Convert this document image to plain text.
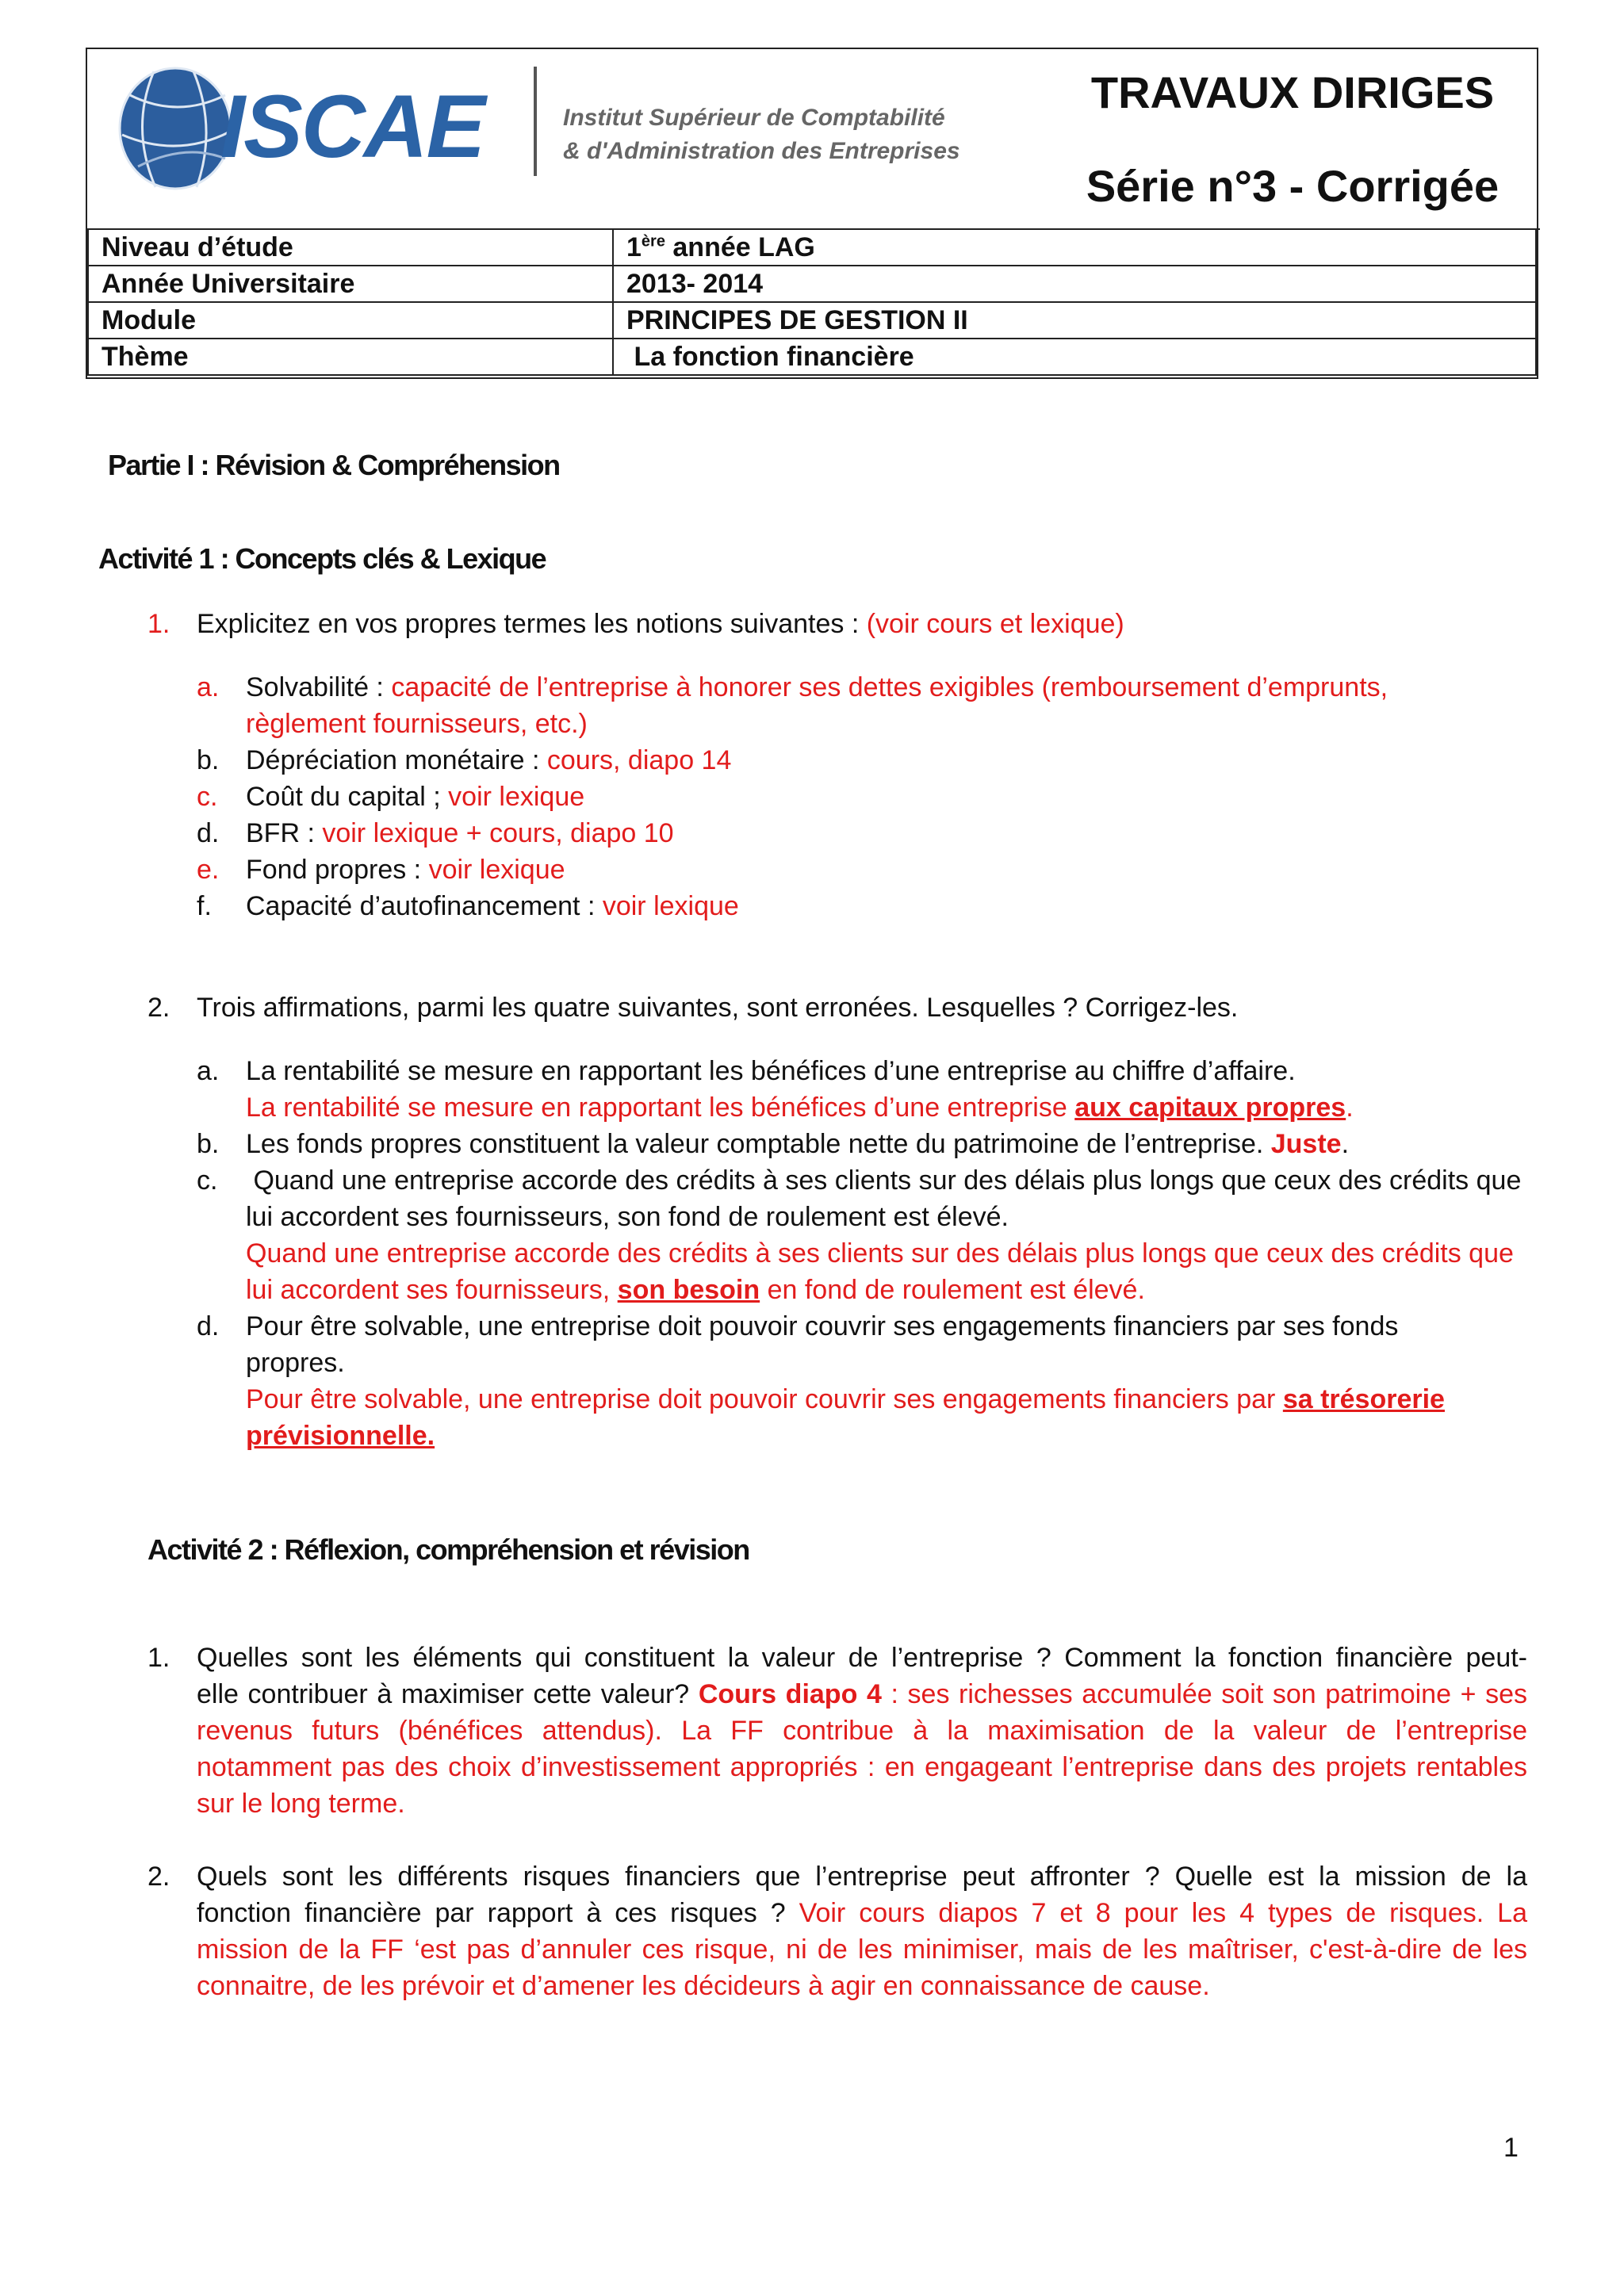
ISCAE	Institut Supérieur de Comptabilité
& d'Administration des Entreprises
TRAVAUX DIRIGES
Série n°3 - Corrigée
Niveau d’étude	1ère année LAG
Année Universitaire	2013- 2014
Module	PRINCIPES DE GESTION II
Thème	La fonction financière
Partie I : Révision & Compréhension
Activité 1 : Concepts clés & Lexique
1. Explicitez en vos propres termes les notions suivantes : (voir cours et lexique)
a. Solvabilité : capacité de l’entreprise à honorer ses dettes exigibles (remboursement d’emprunts,
règlement fournisseurs, etc.)
b. Dépréciation monétaire : cours, diapo 14
c. Coût du capital ; voir lexique
d. BFR : voir lexique + cours, diapo 10
e. Fond propres : voir lexique
f. Capacité d’autofinancement : voir lexique
2. Trois affirmations, parmi les quatre suivantes, sont erronées. Lesquelles ? Corrigez-les.
a. La rentabilité se mesure en rapportant les bénéfices d’une entreprise au chiffre d’affaire.
La rentabilité se mesure en rapportant les bénéfices d’une entreprise aux capitaux propres.
b. Les fonds propres constituent la valeur comptable nette du patrimoine de l’entreprise. Juste.
c. Quand une entreprise accorde des crédits à ses clients sur des délais plus longs que ceux des crédits que
lui accordent ses fournisseurs, son fond de roulement est élevé.
Quand une entreprise accorde des crédits à ses clients sur des délais plus longs que ceux des crédits que
lui accordent ses fournisseurs, son besoin en fond de roulement est élevé.
d. Pour être solvable, une entreprise doit pouvoir couvrir ses engagements financiers par ses fonds
propres.
Pour être solvable, une entreprise doit pouvoir couvrir ses engagements financiers par sa trésorerie
prévisionnelle.
Activité 2 : Réflexion, compréhension et révision
1. Quelles sont les éléments qui constituent la valeur de l’entreprise ? Comment la fonction financière peut-
elle contribuer à maximiser cette valeur? Cours diapo 4 : ses richesses accumulée soit son patrimoine + ses
revenus futurs (bénéfices attendus). La FF contribue à la maximisation de la valeur de l’entreprise
notamment pas des choix d’investissement appropriés : en engageant l’entreprise dans des projets rentables
sur le long terme.
2. Quels sont les différents risques financiers que l’entreprise peut affronter ? Quelle est la mission de la
fonction financière par rapport à ces risques ? Voir cours diapos 7 et 8 pour les 4 types de risques. La
mission de la FF ‘est pas d’annuler ces risque, ni de les minimiser, mais de les maîtriser, c'est-à-dire de les
connaitre, de les prévoir et d’amener les décideurs à agir en connaissance de cause.
1
